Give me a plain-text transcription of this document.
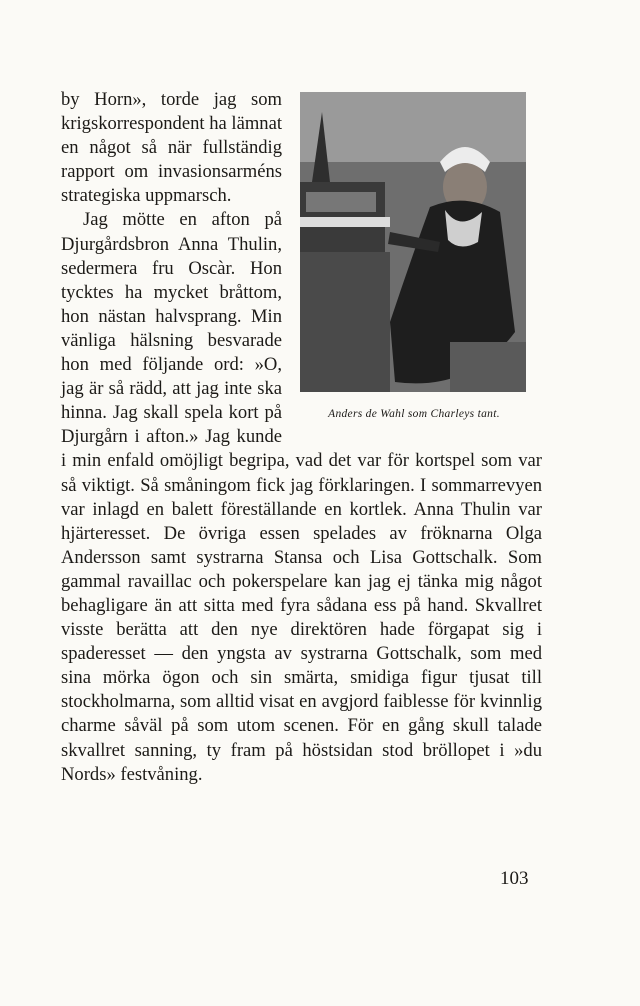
Anders de Wahl som Charleys tant.

by Horn», torde jag som krigskorrespondent ha lämnat en något så när fullständig rapport om invasionsarméns strategiska uppmarsch.

Jag mötte en afton på Djurgårdsbron Anna Thulin, sedermera fru Oscàr. Hon tycktes ha mycket bråttom, hon nästan halvsprang. Min vänliga hälsning besvarade hon med följande ord: »O, jag är så rädd, att jag inte ska hinna. Jag skall spela kort på Djurgårn i afton.» Jag kunde i min enfald omöjligt begripa, vad det var för kortspel som var så viktigt. Så småningom fick jag förklaringen. I sommarrevyen var inlagd en balett föreställande en kortlek. Anna Thulin var hjärteresset. De övriga essen spelades av fröknarna Olga Andersson samt systrarna Stansa och Lisa Gottschalk. Som gammal ravaillac och pokerspelare kan jag ej tänka mig något behagligare än att sitta med fyra sådana ess på hand. Skvallret visste berätta att den nye direktören hade förgapat sig i spaderesset — den yngsta av systrarna Gottschalk, som med sina mörka ögon och sin smärta, smidiga figur tjusat till stockholmarna, som alltid visat en avgjord faiblesse för kvinnlig charme såväl på som utom scenen. För en gång skull talade skvallret sanning, ty fram på höstsidan stod bröllopet i »du Nords» festvåning.

103
